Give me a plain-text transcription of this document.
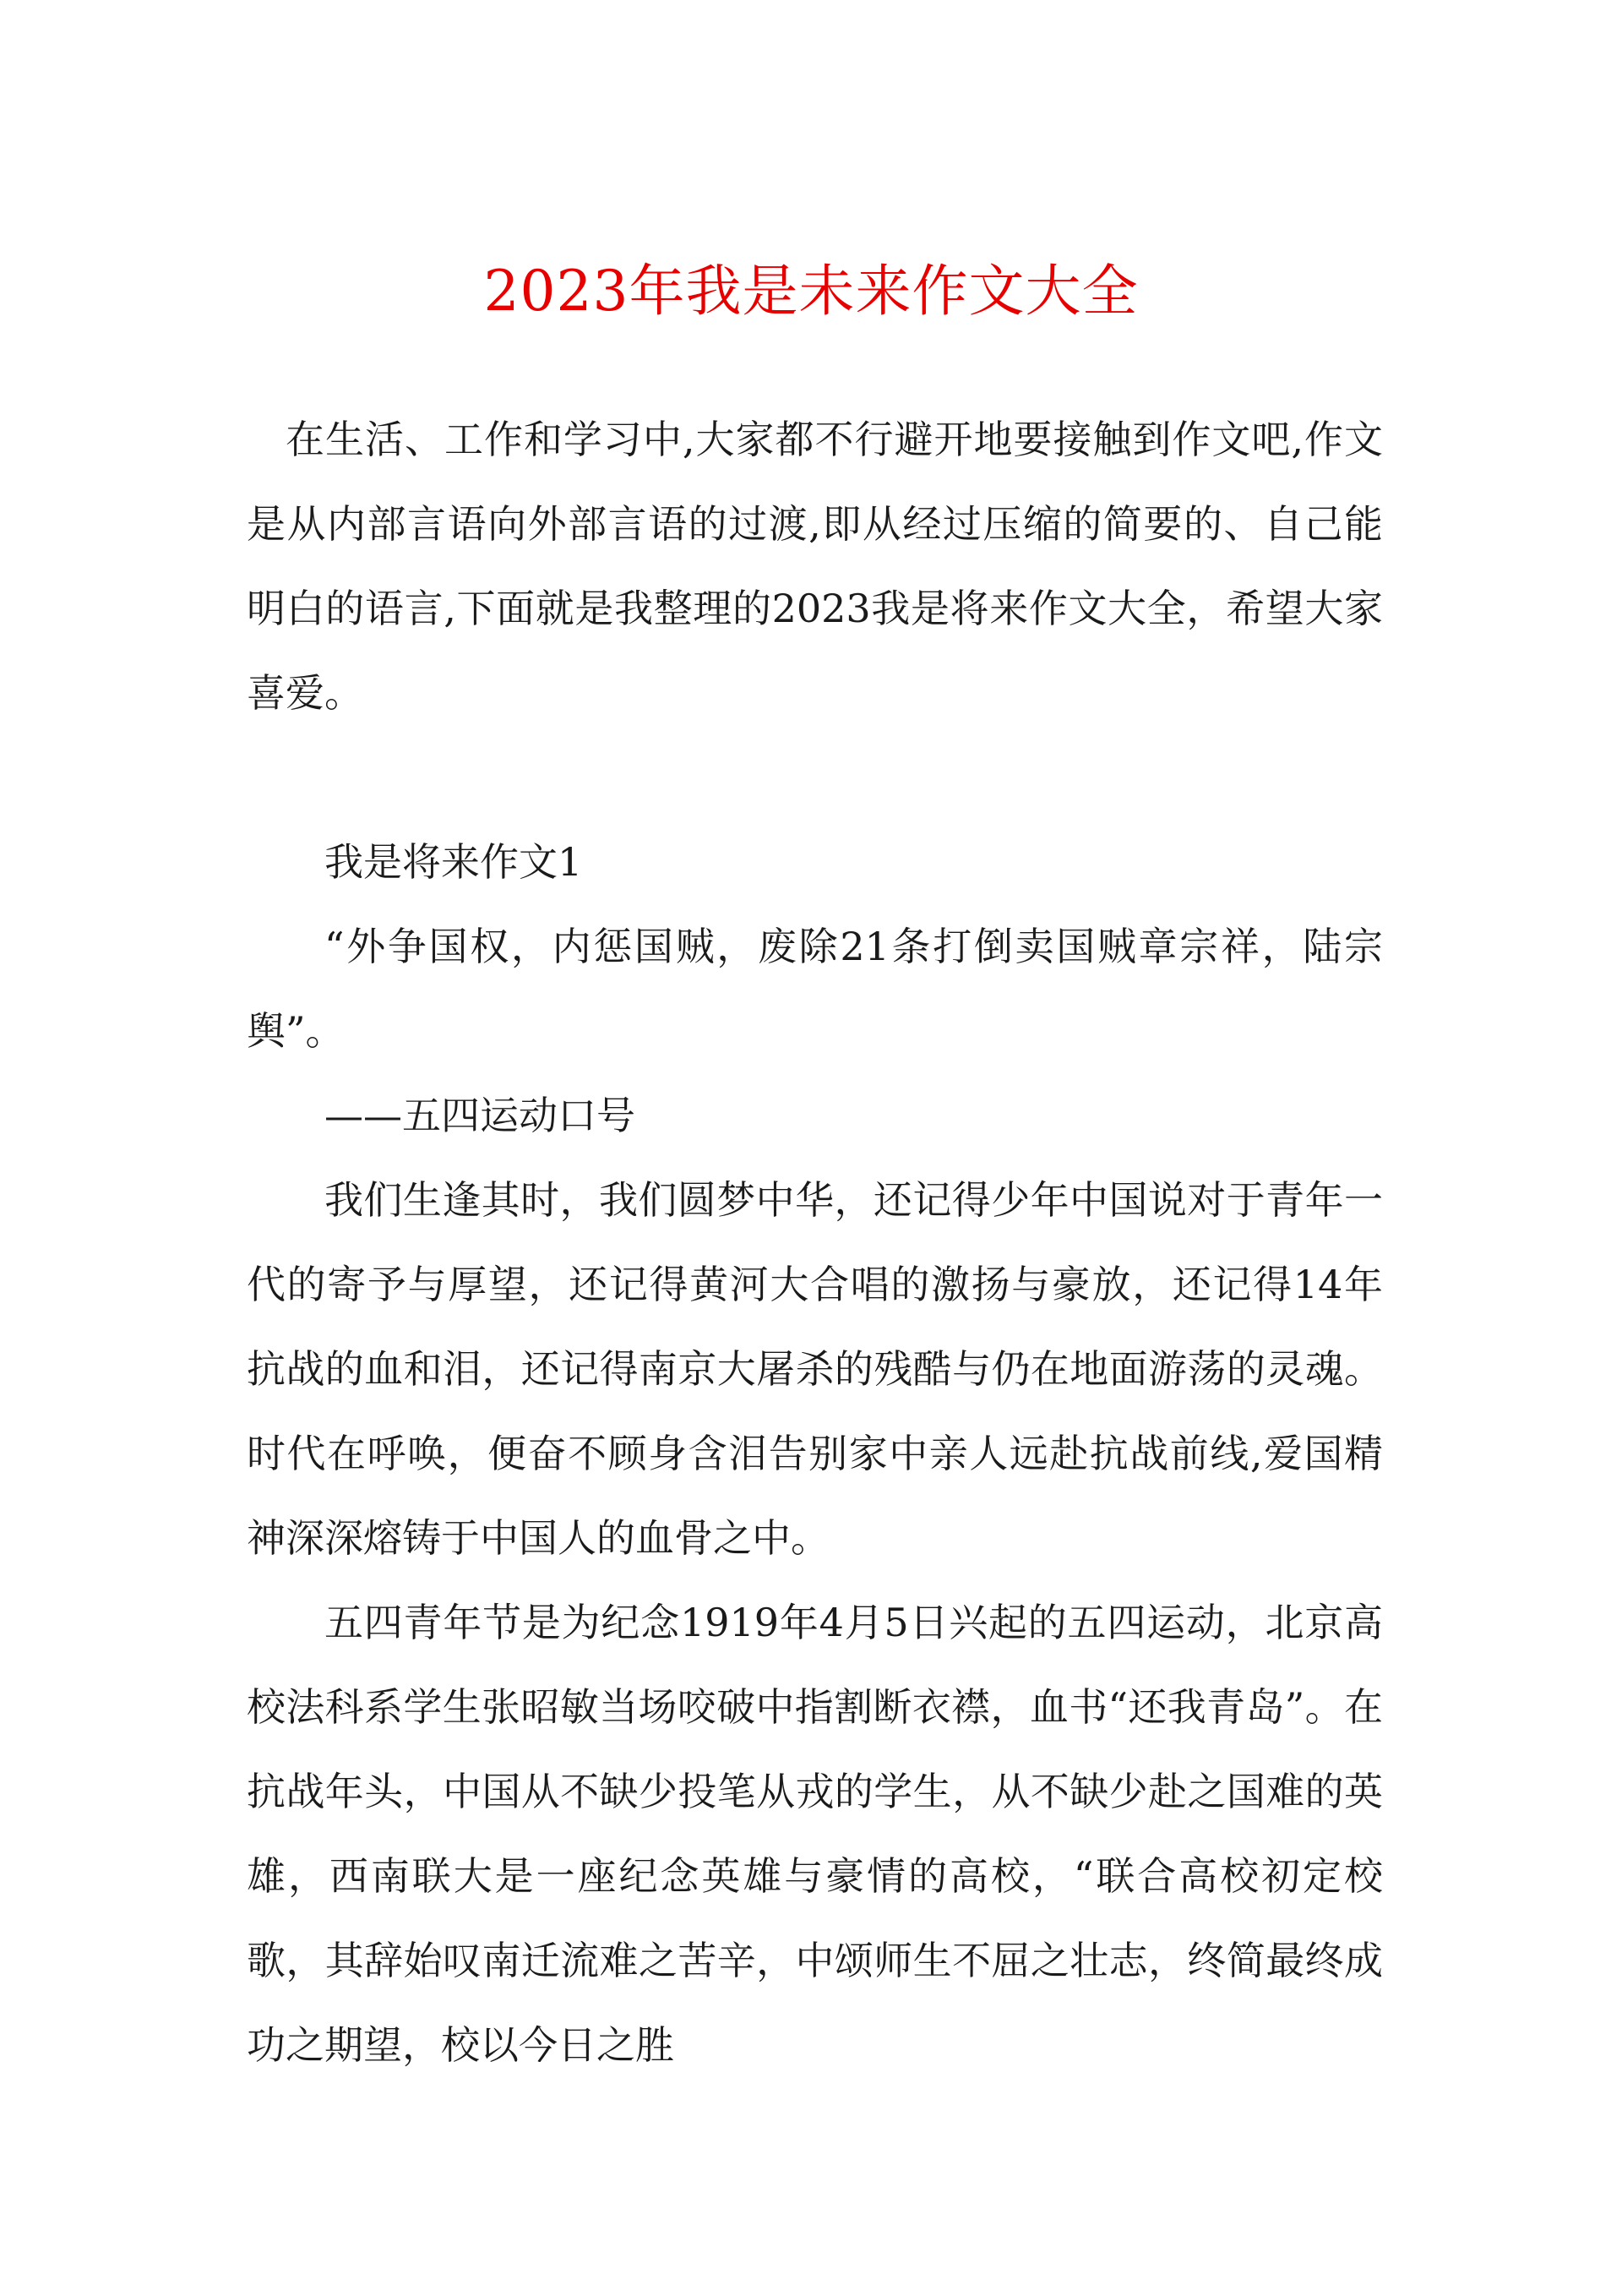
2023年我是未来作文大全

在生活、工作和学习中,大家都不行避开地要接触到作文吧,作文是从内部言语向外部言语的过渡,即从经过压缩的简要的、自己能明白的语言,下面就是我整理的2023我是将来作文大全，希望大家喜爱。

我是将来作文1

“外争国权，内惩国贼，废除21条打倒卖国贼章宗祥，陆宗舆”。

——五四运动口号

我们生逢其时，我们圆梦中华，还记得少年中国说对于青年一代的寄予与厚望，还记得黄河大合唱的激扬与豪放，还记得14年抗战的血和泪，还记得南京大屠杀的残酷与仍在地面游荡的灵魂。时代在呼唤，便奋不顾身含泪告别家中亲人远赴抗战前线,爱国精神深深熔铸于中国人的血骨之中。

五四青年节是为纪念1919年4月5日兴起的五四运动，北京高校法科系学生张昭敏当场咬破中指割断衣襟，血书“还我青岛”。在抗战年头，中国从不缺少投笔从戎的学生，从不缺少赴之国难的英雄，西南联大是一座纪念英雄与豪情的高校，“联合高校初定校歌，其辞始叹南迁流难之苦辛，中颂师生不屈之壮志，终简最终成功之期望，校以今日之胜
